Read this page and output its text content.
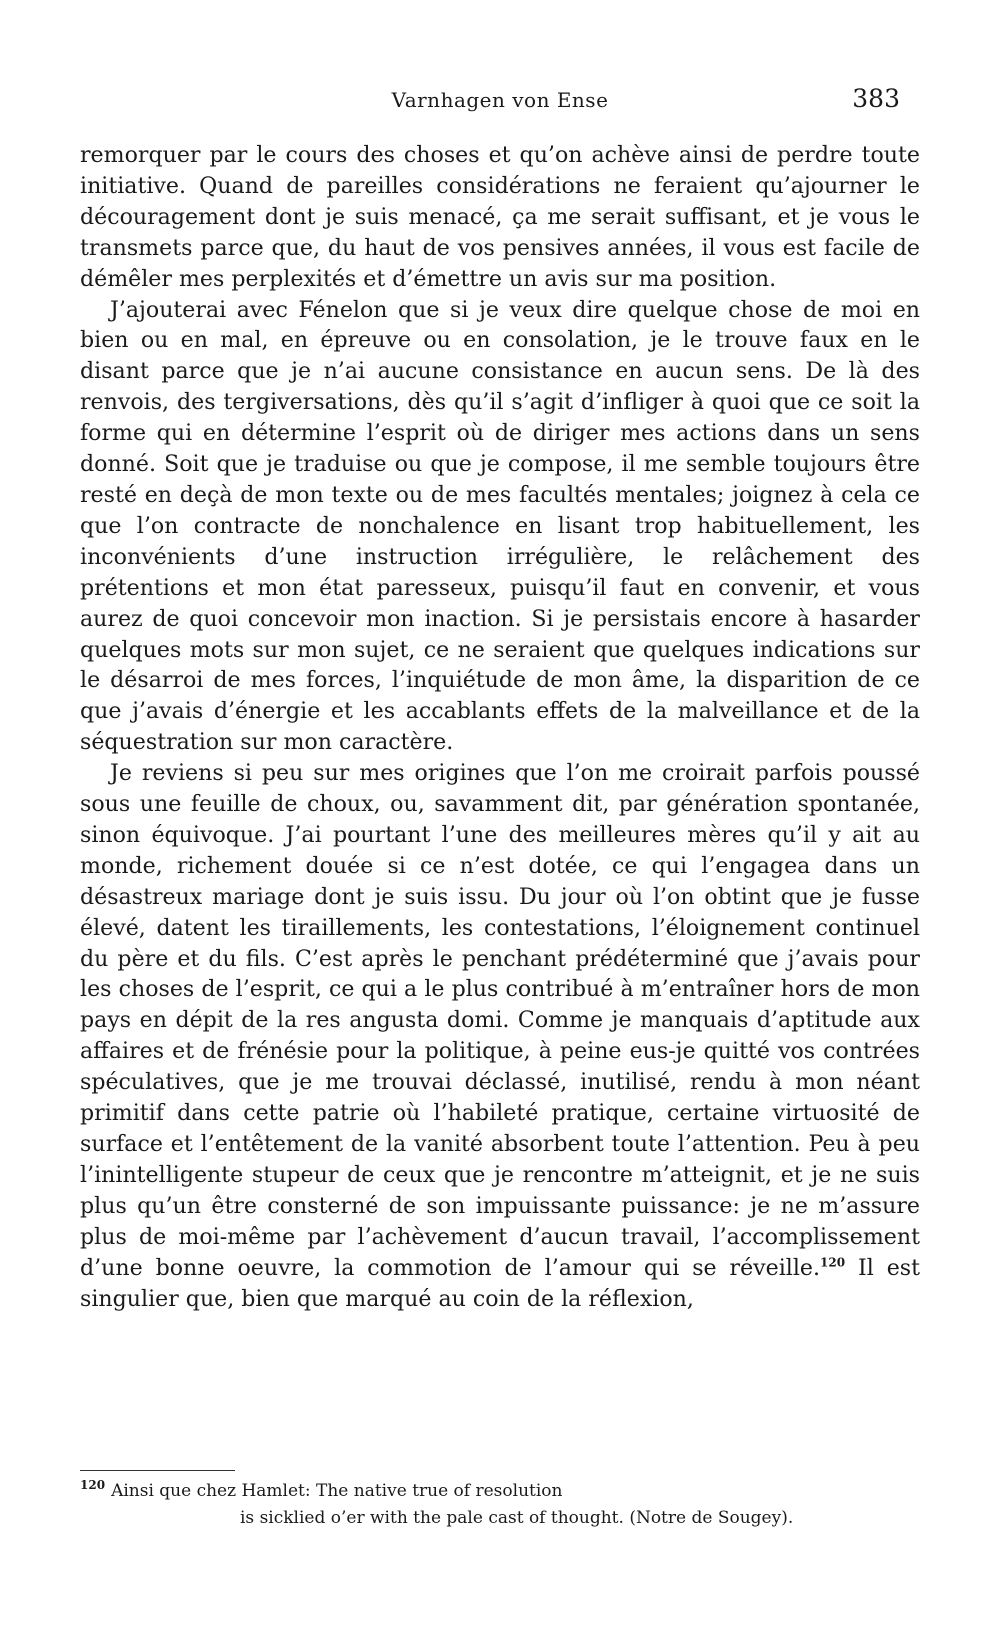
Varnhagen von Ense	383

remorquer par le cours des choses et qu’on achève ainsi de perdre toute initiative. Quand de pareilles considérations ne feraient qu’ajourner le découragement dont je suis menacé, ça me serait suffisant, et je vous le transmets parce que, du haut de vos pensives années, il vous est facile de démêler mes perplexités et d’émettre un avis sur ma position.

J’ajouterai avec Fénelon que si je veux dire quelque chose de moi en bien ou en mal, en épreuve ou en consolation, je le trouve faux en le disant parce que je n’ai aucune consistance en aucun sens. De là des renvois, des tergiversations, dès qu’il s’agit d’infliger à quoi que ce soit la forme qui en détermine l’esprit où de diriger mes actions dans un sens donné. Soit que je traduise ou que je compose, il me semble toujours être resté en deçà de mon texte ou de mes facultés mentales; joignez à cela ce que l’on contracte de nonchalence en lisant trop habituellement, les inconvénients d’une instruction irrégulière, le relâchement des prétentions et mon état paresseux, puisqu’il faut en convenir, et vous aurez de quoi concevoir mon inaction. Si je persistais encore à hasarder quelques mots sur mon sujet, ce ne seraient que quelques indications sur le désarroi de mes forces, l’inquiétude de mon âme, la disparition de ce que j’avais d’énergie et les accablants effets de la malveillance et de la séquestration sur mon caractère.

Je reviens si peu sur mes origines que l’on me croirait parfois poussé sous une feuille de choux, ou, savamment dit, par génération spontanée, sinon équivoque. J’ai pourtant l’une des meilleures mères qu’il y ait au monde, richement douée si ce n’est dotée, ce qui l’engagea dans un désastreux mariage dont je suis issu. Du jour où l’on obtint que je fusse élevé, datent les tiraillements, les contestations, l’éloignement continuel du père et du fils. C’est après le penchant prédéterminé que j’avais pour les choses de l’esprit, ce qui a le plus contribué à m’entraîner hors de mon pays en dépit de la res angusta domi. Comme je manquais d’aptitude aux affaires et de frénésie pour la politique, à peine eus-je quitté vos contrées spéculatives, que je me trouvai déclassé, inutilisé, rendu à mon néant primitif dans cette patrie où l’habileté pratique, certaine virtuosité de surface et l’entêtement de la vanité absorbent toute l’attention. Peu à peu l’inintelligente stupeur de ceux que je rencontre m’atteignit, et je ne suis plus qu’un être consterné de son impuissante puissance: je ne m’assure plus de moi-même par l’achèvement d’aucun travail, l’accomplissement d’une bonne oeuvre, la commotion de l’amour qui se réveille.$^{120}$ Il est singulier que, bien que marqué au coin de la réflexion,

$^{120}$ Ainsi que chez Hamlet: The native true of resolution
is sicklied o’er with the pale cast of thought. (Notre de Sougey).
